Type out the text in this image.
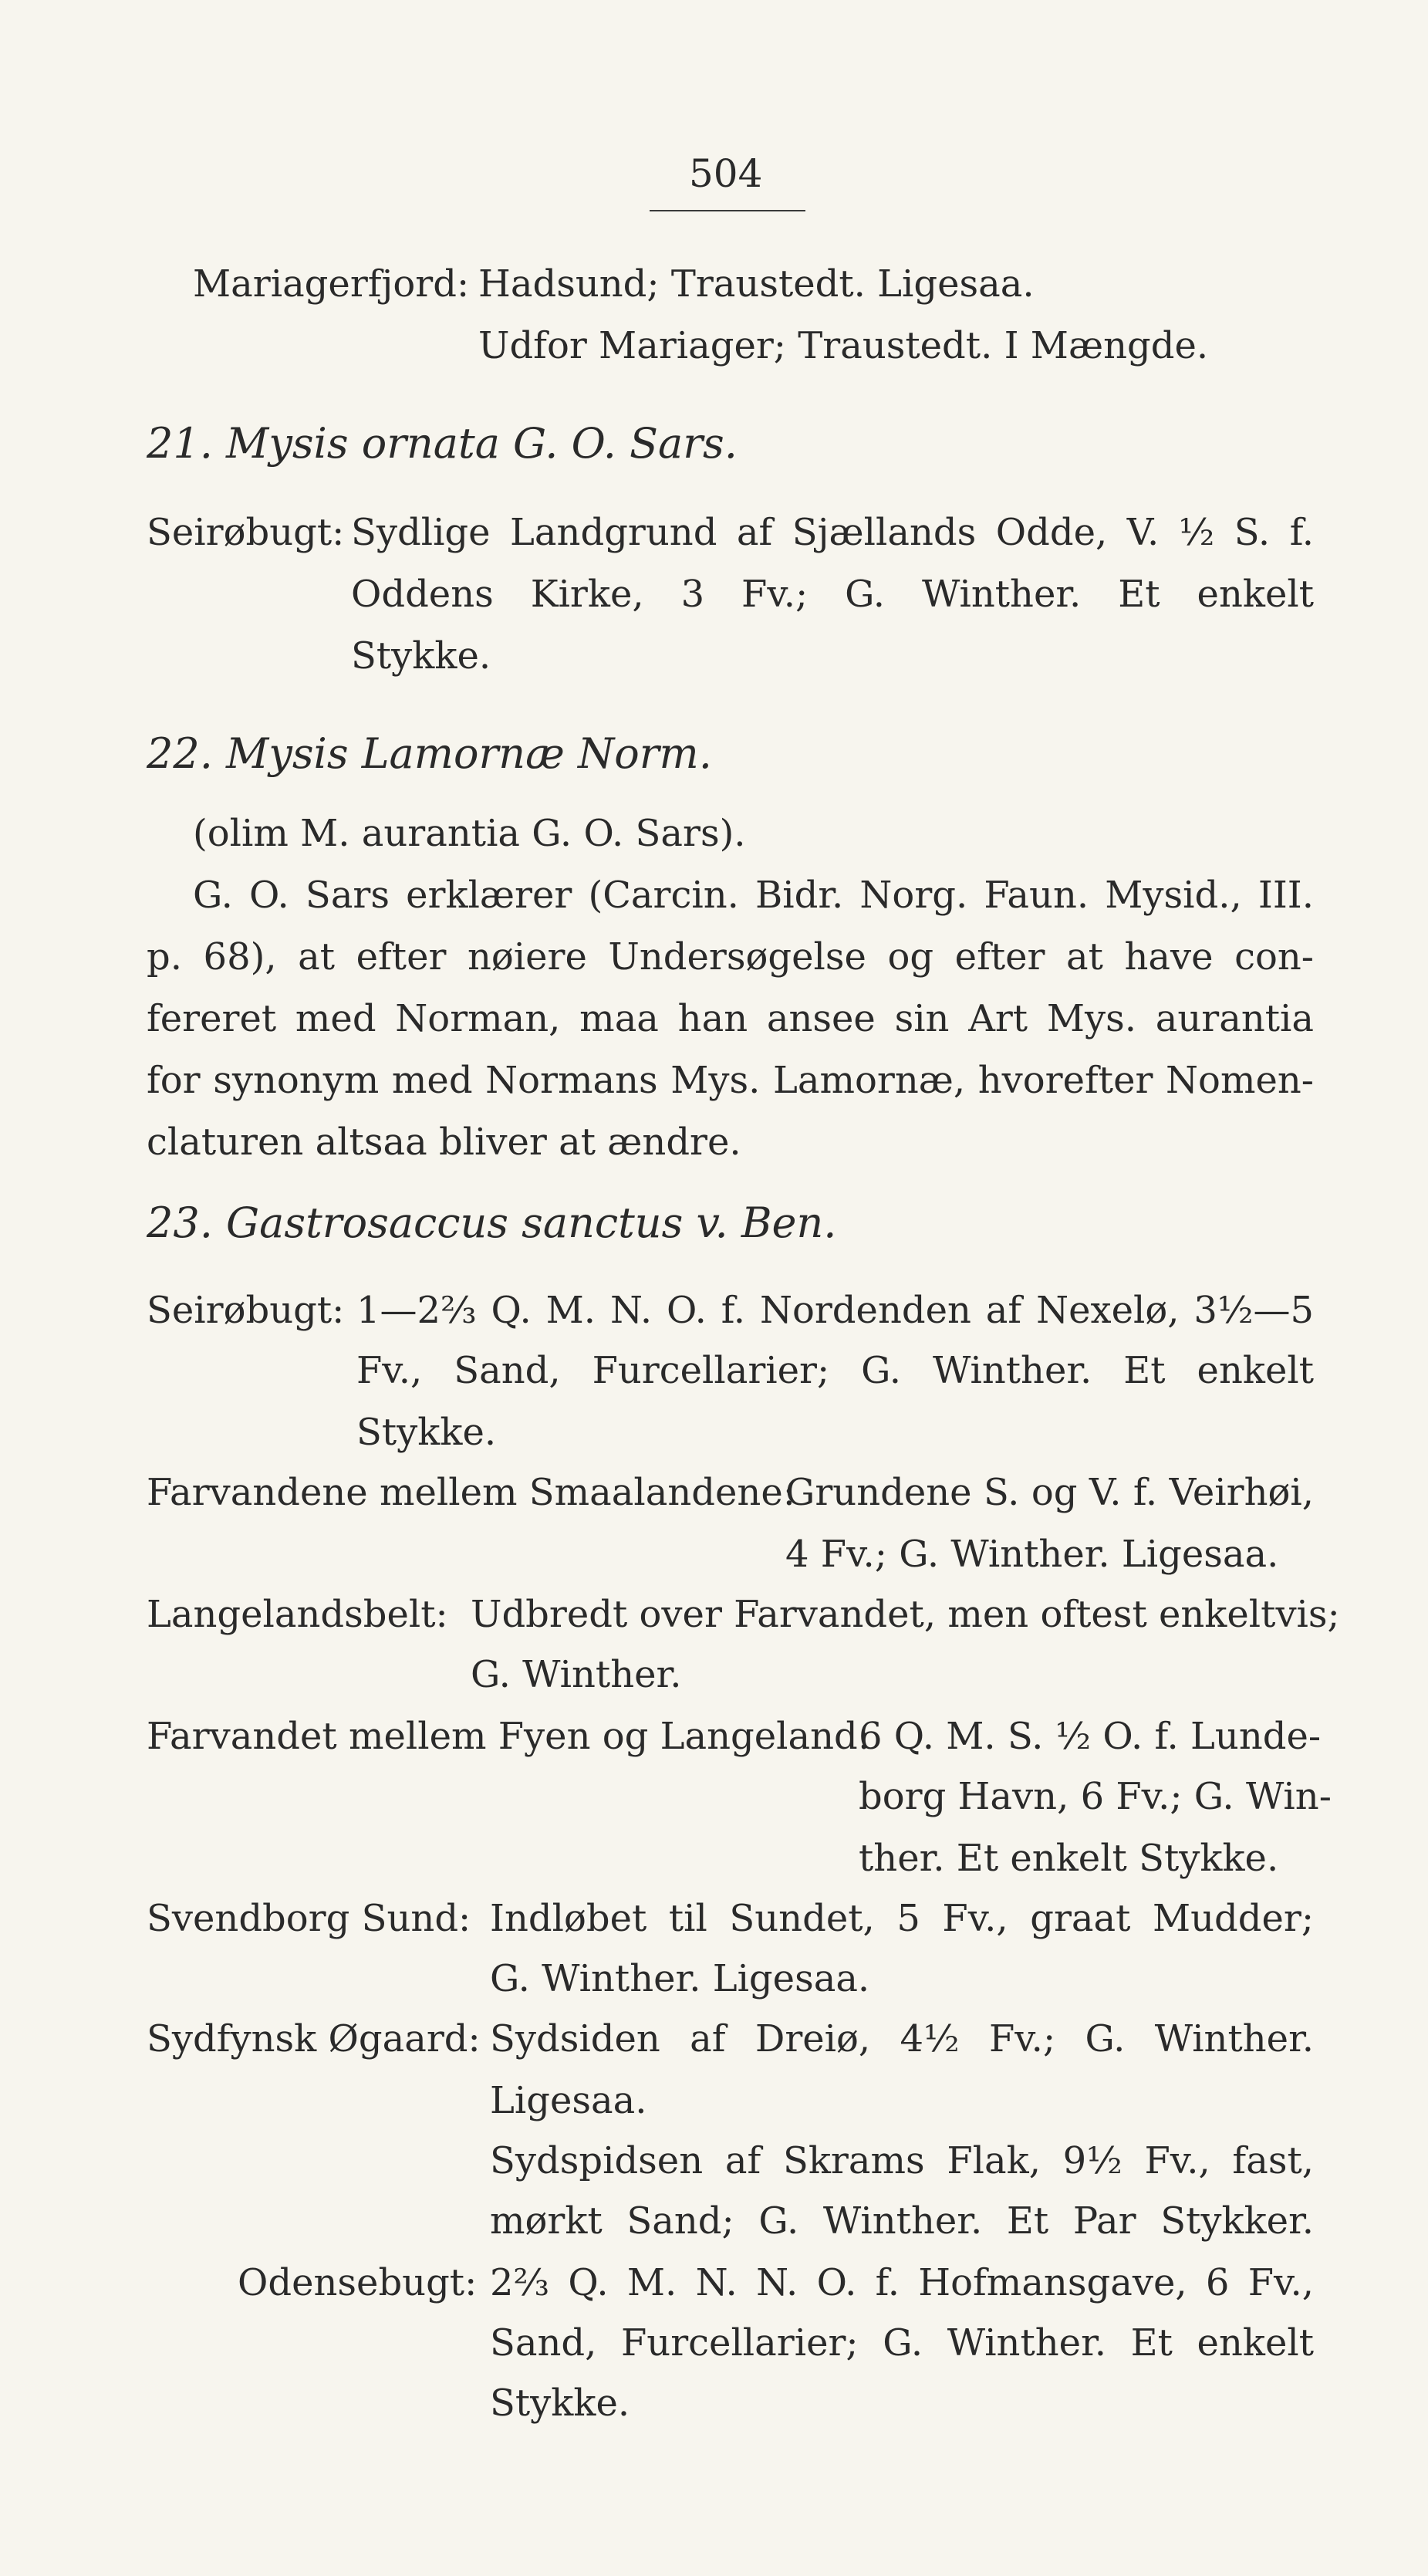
504
Mariagerfjord: Hadsund; Traustedt. Ligesaa.
Udfor Mariager; Traustedt. I Mængde.
21. Mysis ornata G. O. Sars.
Seirøbugt: Sydlige Landgrund af Sjællands Odde, V. ½ S. f.
Oddens Kirke, 3 Fv.; G. Winther. Et enkelt
Stykke.
22. Mysis Lamornæ Norm.
(olim M. aurantia G. O. Sars).
G. O. Sars erklærer (Carcin. Bidr. Norg. Faun. Mysid., III.
p. 68), at efter nøiere Undersøgelse og efter at have con-
fereret med Norman, maa han ansee sin Art Mys. aurantia
for synonym med Normans Mys. Lamornæ, hvorefter Nomen-
claturen altsaa bliver at ændre.
23. Gastrosaccus sanctus v. Ben.
Seirøbugt: 1—2⅔ Q. M. N. O. f. Nordenden af Nexelø, 3½—5
Fv., Sand, Furcellarier; G. Winther. Et enkelt
Stykke.
Farvandene mellem Smaalandene:
Grundene S. og V. f. Veirhøi,
4 Fv.; G. Winther. Ligesaa.
Langelandsbelt: Udbredt over Farvandet, men oftest enkeltvis;
G. Winther.
Farvandet mellem Fyen og Langeland:
6 Q. M. S. ½ O. f. Lunde-
borg Havn, 6 Fv.; G. Win-
ther. Et enkelt Stykke.
Svendborg Sund: Indløbet til Sundet, 5 Fv., graat Mudder;
G. Winther. Ligesaa.
Sydfynsk Øgaard: Sydsiden af Dreiø, 4½ Fv.; G. Winther.
Ligesaa.
Sydspidsen af Skrams Flak, 9½ Fv., fast,
mørkt Sand; G. Winther. Et Par Stykker.
Odensebugt: 2⅔ Q. M. N. N. O. f. Hofmansgave, 6 Fv.,
Sand, Furcellarier; G. Winther. Et enkelt
Stykke.
